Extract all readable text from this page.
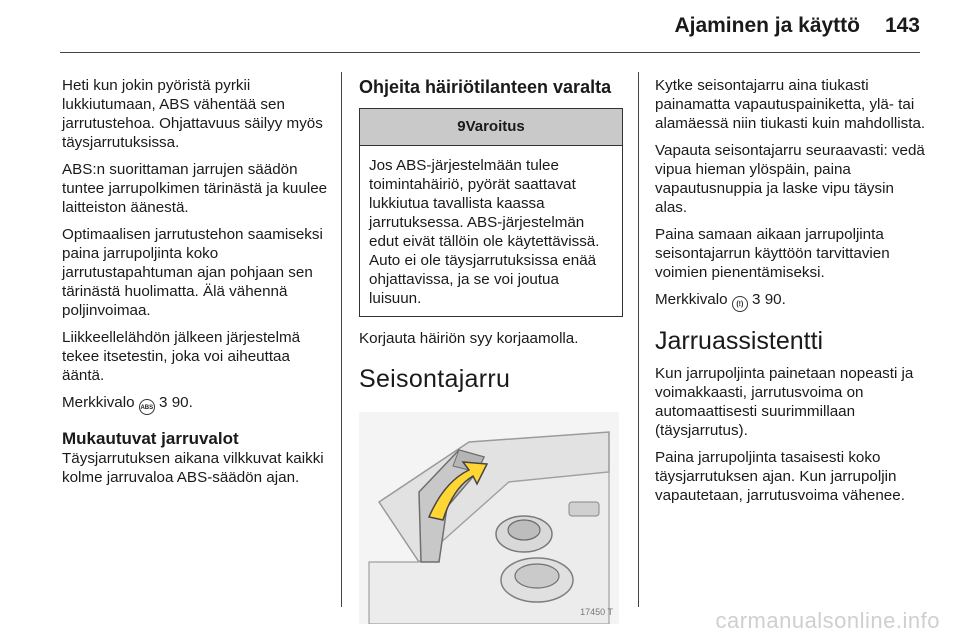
Ajaminen ja käyttö 143

Heti kun jokin pyöristä pyrkii lukkiutumaan, ABS vähentää sen jarrutustehoa. Ohjattavuus säilyy myös täysjarrutuksissa.

ABS:n suorittaman jarrujen säädön tuntee jarrupolkimen tärinästä ja kuulee laitteiston äänestä.

Optimaalisen jarrutustehon saamiseksi paina jarrupoljinta koko jarrutustapahtuman ajan pohjaan sen tärinästä huolimatta. Älä vähennä poljinvoimaa.

Liikkeellelähdön jälkeen järjestelmä tekee itsetestin, joka voi aiheuttaa ääntä.

Merkkivalo ABS 3 90.

Mukautuvat jarruvalot

Täysjarrutuksen aikana vilkkuvat kaikki kolme jarruvaloa ABS-säädön ajan.

Ohjeita häiriötilanteen varalta
9Varoitus
Jos ABS-järjestelmään tulee toimintahäiriö, pyörät saattavat lukkiutua tavallista kaassa jarrutuksessa. ABS-järjestelmän edut eivät tällöin ole käytettävissä. Auto ei ole täysjarrutuksissa enää ohjattavissa, ja se voi joutua luisuun.

Korjauta häiriön syy korjaamolla.

Seisontajarru
17450 T

Kytke seisontajarru aina tiukasti painamatta vapautuspainiketta, ylä- tai alamäessä niin tiukasti kuin mahdollista.

Vapauta seisontajarru seuraavasti: vedä vipua hieman ylöspäin, paina vapautusnuppia ja laske vipu täysin alas.

Paina samaan aikaan jarrupoljinta seisontajarrun käyttöön tarvittavien voimien pienentämiseksi.

Merkkivalo (!) 3 90.

Jarruassistentti

Kun jarrupoljinta painetaan nopeasti ja voimakkaasti, jarrutusvoima on automaattisesti suurimmillaan (täysjarrutus).

Paina jarrupoljinta tasaisesti koko täysjarrutuksen ajan. Kun jarrupoljin vapautetaan, jarrutusvoima vähenee.

carmanualsonline.info
